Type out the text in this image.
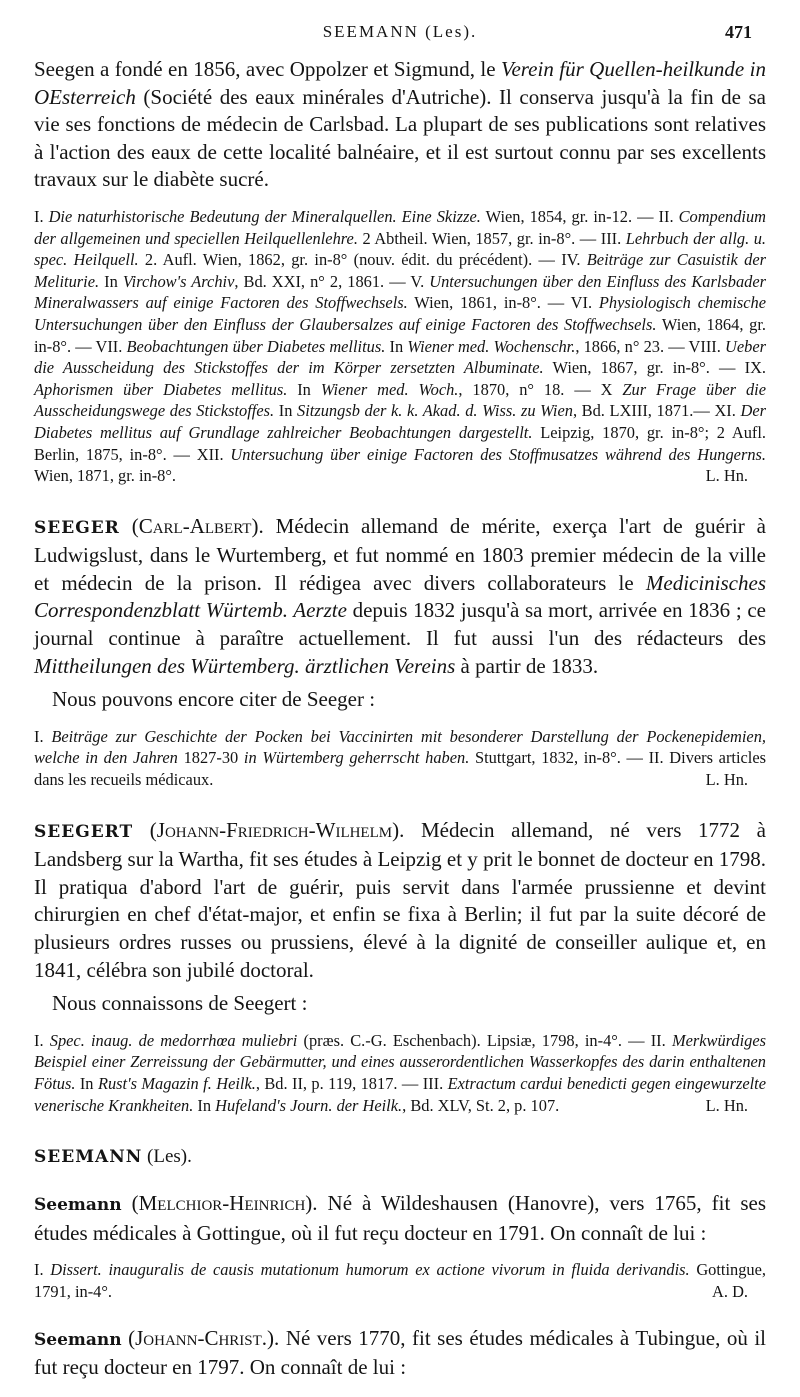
SEEMANN (Les).	471

Seegen a fondé en 1856, avec Oppolzer et Sigmund, le Verein für Quellen-heilkunde in OEsterreich (Société des eaux minérales d'Autriche). Il conserva jusqu'à la fin de sa vie ses fonctions de médecin de Carlsbad. La plupart de ses publications sont relatives à l'action des eaux de cette localité balnéaire, et il est surtout connu par ses excellents travaux sur le diabète sucré.

I. Die naturhistorische Bedeutung der Mineralquellen. Eine Skizze. Wien, 1854, gr. in-12. — II. Compendium der allgemeinen und speciellen Heilquellenlehre. 2 Abtheil. Wien, 1857, gr. in-8°. — III. Lehrbuch der allg. u. spec. Heilquell. 2. Aufl. Wien, 1862, gr. in-8° (nouv. édit. du précédent). — IV. Beiträge zur Casuistik der Meliturie. In Virchow's Archiv, Bd. XXI, n° 2, 1861. — V. Untersuchungen über den Einfluss des Karlsbader Mineralwassers auf einige Factoren des Stoffwechsels. Wien, 1861, in-8°. — VI. Physiologisch chemische Untersuchungen über den Einfluss der Glaubersalzes auf einige Factoren des Stoffwechsels. Wien, 1864, gr. in-8°. — VII. Beobachtungen über Diabetes mellitus. In Wiener med. Wochenschr., 1866, n° 23. — VIII. Ueber die Ausscheidung des Stickstoffes der im Körper zersetzten Albuminate. Wien, 1867, gr. in-8°. — IX. Aphorismen über Diabetes mellitus. In Wiener med. Woch., 1870, n° 18. — X Zur Frage über die Ausscheidungswege des Stickstoffes. In Sitzungsb der k. k. Akad. d. Wiss. zu Wien, Bd. LXIII, 1871.— XI. Der Diabetes mellitus auf Grundlage zahlreicher Beobachtungen dargestellt. Leipzig, 1870, gr. in-8°; 2 Aufl. Berlin, 1875, in-8°. — XII. Untersuchung über einige Factoren des Stoffmusatzes während des Hungerns. Wien, 1871, gr. in-8°.	L. Hn.

SEEGER (Carl-Albert). Médecin allemand de mérite, exerça l'art de guérir à Ludwigslust, dans le Wurtemberg, et fut nommé en 1803 premier médecin de la ville et médecin de la prison. Il rédigea avec divers collaborateurs le Medicinisches Correspondenzblatt Würtemb. Aerzte depuis 1832 jusqu'à sa mort, arrivée en 1836 ; ce journal continue à paraître actuellement. Il fut aussi l'un des rédacteurs des Mittheilungen des Würtemberg. ärztlichen Vereins à partir de 1833.

Nous pouvons encore citer de Seeger :

I. Beiträge zur Geschichte der Pocken bei Vaccinirten mit besonderer Darstellung der Pockenepidemien, welche in den Jahren 1827-30 in Würtemberg geherrscht haben. Stuttgart, 1832, in-8°. — II. Divers articles dans les recueils médicaux.	L. Hn.

SEEGERT (Johann-Friedrich-Wilhelm). Médecin allemand, né vers 1772 à Landsberg sur la Wartha, fit ses études à Leipzig et y prit le bonnet de docteur en 1798. Il pratiqua d'abord l'art de guérir, puis servit dans l'armée prussienne et devint chirurgien en chef d'état-major, et enfin se fixa à Berlin; il fut par la suite décoré de plusieurs ordres russes ou prussiens, élevé à la dignité de conseiller aulique et, en 1841, célébra son jubilé doctoral.

Nous connaissons de Seegert :

I. Spec. inaug. de medorrhœa muliebri (præs. C.-G. Eschenbach). Lipsiæ, 1798, in-4°. — II. Merkwürdiges Beispiel einer Zerreissung der Gebärmutter, und eines ausserordentlichen Wasserkopfes des darin enthaltenen Fötus. In Rust's Magazin f. Heilk., Bd. II, p. 119, 1817. — III. Extractum cardui benedicti gegen eingewurzelte venerische Krankheiten. In Hufeland's Journ. der Heilk., Bd. XLV, St. 2, p. 107.	L. Hn.
SEEMANN (Les).

Seemann (Melchior-Heinrich). Né à Wildeshausen (Hanovre), vers 1765, fit ses études médicales à Gottingue, où il fut reçu docteur en 1791. On connaît de lui :

I. Dissert. inauguralis de causis mutationum humorum ex actione vivorum in fluida derivandis. Gottingue, 1791, in-4°.	A. D.

Seemann (Johann-Christ.). Né vers 1770, fit ses études médicales à Tubingue, où il fut reçu docteur en 1797. On connaît de lui :
